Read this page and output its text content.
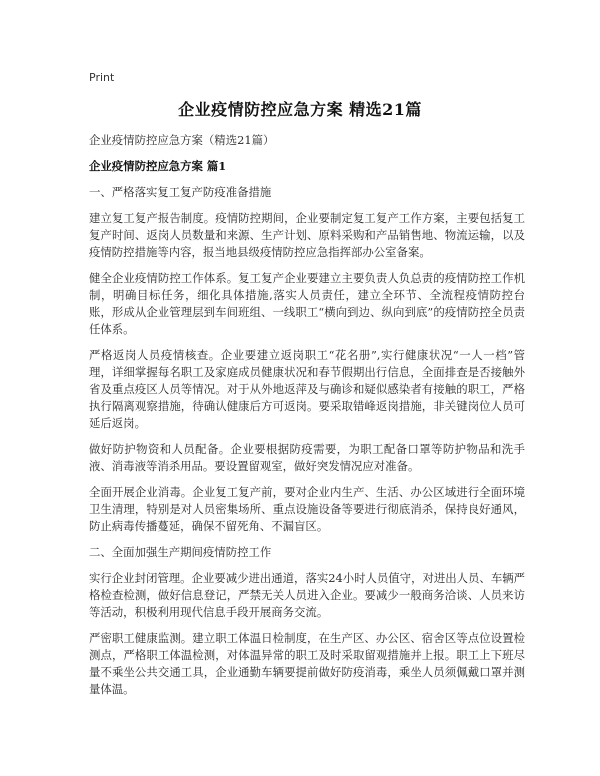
Print
企业疫情防控应急方案 精选21篇
企业疫情防控应急方案（精选21篇）
企业疫情防控应急方案 篇1
一、严格落实复工复产防疫准备措施

建立复工复产报告制度。疫情防控期间，企业要制定复工复产工作方案，主要包括复工复产时间、返岗人员数量和来源、生产计划、原料采购和产品销售地、物流运输，以及疫情防控措施等内容，报当地县级疫情防控应急指挥部办公室备案。

健全企业疫情防控工作体系。复工复产企业要建立主要负责人负总责的疫情防控工作机制，明确目标任务，细化具体措施,落实人员责任，建立全环节、全流程疫情防控台账，形成从企业管理层到车间班组、一线职工“横向到边、纵向到底”的疫情防控全员责任体系。

严格返岗人员疫情核查。企业要建立返岗职工“花名册”,实行健康状况“一人一档”管理，详细掌握每名职工及家庭成员健康状况和春节假期出行信息，全面排查是否接触外省及重点疫区人员等情况。对于从外地返萍及与确诊和疑似感染者有接触的职工，严格执行隔离观察措施，待确认健康后方可返岗。要采取错峰返岗措施，非关键岗位人员可延后返岗。

做好防护物资和人员配备。企业要根据防疫需要，为职工配备口罩等防护物品和洗手液、消毒液等消杀用品。要设置留观室，做好突发情况应对准备。

全面开展企业消毒。企业复工复产前，要对企业内生产、生活、办公区域进行全面环境卫生清理，特别是对人员密集场所、重点设施设备等要进行彻底消杀，保持良好通风，防止病毒传播蔓延，确保不留死角、不漏盲区。

二、全面加强生产期间疫情防控工作

实行企业封闭管理。企业要减少进出通道，落实24小时人员值守，对进出人员、车辆严格检查检测，做好信息登记，严禁无关人员进入企业。要减少一般商务洽谈、人员来访等活动，积极利用现代信息手段开展商务交流。

严密职工健康监测。建立职工体温日检制度，在生产区、办公区、宿舍区等点位设置检测点，严格职工体温检测，对体温异常的职工及时采取留观措施并上报。职工上下班尽量不乘坐公共交通工具，企业通勤车辆要提前做好防疫消毒，乘坐人员须佩戴口罩并测量体温。
